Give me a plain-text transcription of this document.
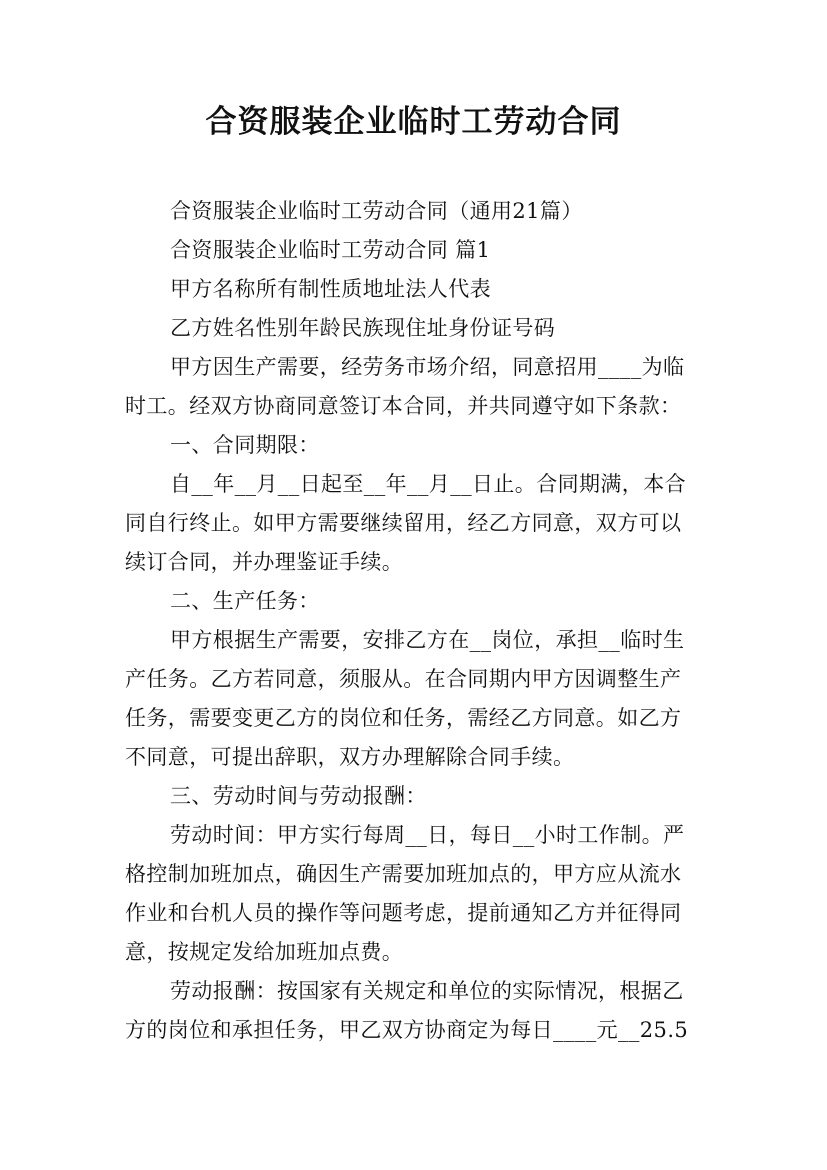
合资服装企业临时工劳动合同
合资服装企业临时工劳动合同（通用21篇）
合资服装企业临时工劳动合同 篇1
甲方名称所有制性质地址法人代表
乙方姓名性别年龄民族现住址身份证号码
甲方因生产需要，经劳务市场介绍，同意招用____为临
时工。经双方协商同意签订本合同，并共同遵守如下条款：
一、合同期限：
自__年__月__日起至__年__月__日止。合同期满，本合
同自行终止。如甲方需要继续留用，经乙方同意，双方可以
续订合同，并办理鉴证手续。
二、生产任务：
甲方根据生产需要，安排乙方在__岗位，承担__临时生
产任务。乙方若同意，须服从。在合同期内甲方因调整生产
任务，需要变更乙方的岗位和任务，需经乙方同意。如乙方
不同意，可提出辞职，双方办理解除合同手续。
三、劳动时间与劳动报酬：
劳动时间：甲方实行每周__日，每日__小时工作制。严
格控制加班加点，确因生产需要加班加点的，甲方应从流水
作业和台机人员的操作等问题考虑，提前通知乙方并征得同
意，按规定发给加班加点费。
劳动报酬：按国家有关规定和单位的实际情况，根据乙
方的岗位和承担任务，甲乙双方协商定为每日____元__25.5
